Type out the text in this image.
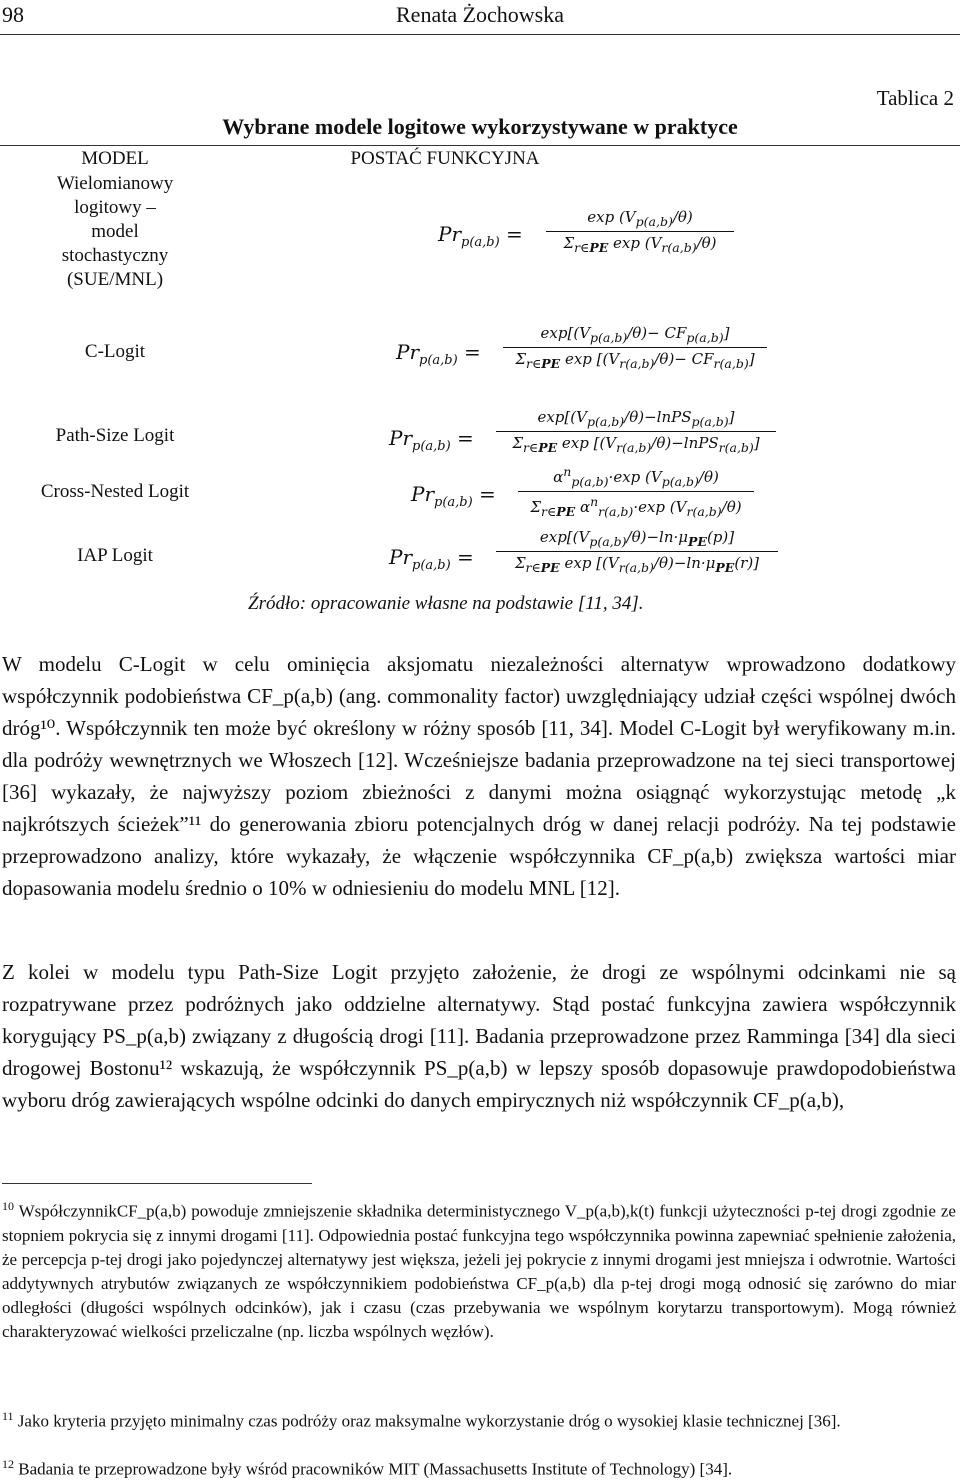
98	Renata Żochowska
Tablica 2
Wybrane modele logitowe wykorzystywane w praktyce
MODEL	POSTAĆ FUNKCYJNA
Wielomianowy logitowy – model stochastyczny (SUE/MNL)
$Pr_{p(a,b)}$ =
$\exp (V_{p(a,b)}/\theta)$
$\Sigma_{r\in PE}$ $\exp (V_{r(a,b)}/\theta)$
C-Logit	$Pr_{p(a,b)}$ =
$\exp[(V_{p(a,b)}/\theta)- CF_{p(a,b)}]$
$\Sigma_{r\in PE}$ $\exp [(V_{r(a,b)}/\theta)- CF_{r(a,b)}]$
Path-Size Logit	$Pr_{p(a,b)}$ =
$\exp[(V_{p(a,b)}/\theta)-lnPS_{p(a,b)}]$
$\Sigma_{r\in PE}$ $\exp [(V_{r(a,b)}/\theta)-lnPS_{r(a,b)}]$
Cross-Nested Logit	$Pr_{p(a,b)}$ =
$\alpha^n_{p(a,b)}\cdot\exp$ $(V_{p(a,b)}/\theta)$
$\Sigma_{r\in PE}$ $\alpha^n_{r(a,b)}\cdot\exp$ $(V_{r(a,b)}/\theta)$
IAP Logit	$Pr_{p(a,b)}$ =
$\exp[(V_{p(a,b)}/\theta)-\ln\cdot\mu_{PE}(p)]$
$\Sigma_{r\in PE}$ $\exp [(V_{r(a,b)}/\theta)-\ln\cdot\mu_{PE}(r)]$
Źródło: opracowanie własne na podstawie [11, 34].
W modelu C-Logit w celu ominięcia aksjomatu niezależności alternatyw wprowadzono dodatkowy współczynnik podobieństwa CF_p(a,b) (ang. commonality factor) uwzględniający udział części wspólnej dwóch dróg¹⁰. Współczynnik ten może być określony w różny sposób [11, 34]. Model C-Logit był weryfikowany m.in. dla podróży wewnętrznych we Włoszech [12]. Wcześniejsze badania przeprowadzone na tej sieci transportowej [36] wykazały, że najwyższy poziom zbieżności z danymi można osiągnąć wykorzystując metodę „k najkrótszych ścieżek”¹¹ do generowania zbioru potencjalnych dróg w danej relacji podróży. Na tej podstawie przeprowadzono analizy, które wykazały, że włączenie współczynnika CF_p(a,b) zwiększa wartości miar dopasowania modelu średnio o 10% w odniesieniu do modelu MNL [12].
Z kolei w modelu typu Path-Size Logit przyjęto założenie, że drogi ze wspólnymi odcinkami nie są rozpatrywane przez podróżnych jako oddzielne alternatywy. Stąd postać funkcyjna zawiera współczynnik korygujący PS_p(a,b) związany z długością drogi [11]. Badania przeprowadzone przez Ramminga [34] dla sieci drogowej Bostonu¹² wskazują, że współczynnik PS_p(a,b) w lepszy sposób dopasowuje prawdopodobieństwa wyboru dróg zawierających wspólne odcinki do danych empirycznych niż współczynnik CF_p(a,b),
$^{10}$ WspółczynnikCF_p(a,b) powoduje zmniejszenie składnika deterministycznego V_p(a,b),k(t) funkcji użyteczności p-tej drogi zgodnie ze stopniem pokrycia się z innymi drogami [11]. Odpowiednia postać funkcyjna tego współczynnika powinna zapewniać spełnienie założenia, że percepcja p-tej drogi jako pojedynczej alternatywy jest większa, jeżeli jej pokrycie z innymi drogami jest mniejsza i odwrotnie. Wartości addytywnych atrybutów związanych ze współczynnikiem podobieństwa CF_p(a,b) dla p-tej drogi mogą odnosić się zarówno do miar odległości (długości wspólnych odcinków), jak i czasu (czas przebywania we wspólnym korytarzu transportowym). Mogą również charakteryzować wielkości przeliczalne (np. liczba wspólnych węzłów).
$^{11}$ Jako kryteria przyjęto minimalny czas podróży oraz maksymalne wykorzystanie dróg o wysokiej klasie technicznej [36].
$^{12}$ Badania te przeprowadzone były wśród pracowników MIT (Massachusetts Institute of Technology) [34].
